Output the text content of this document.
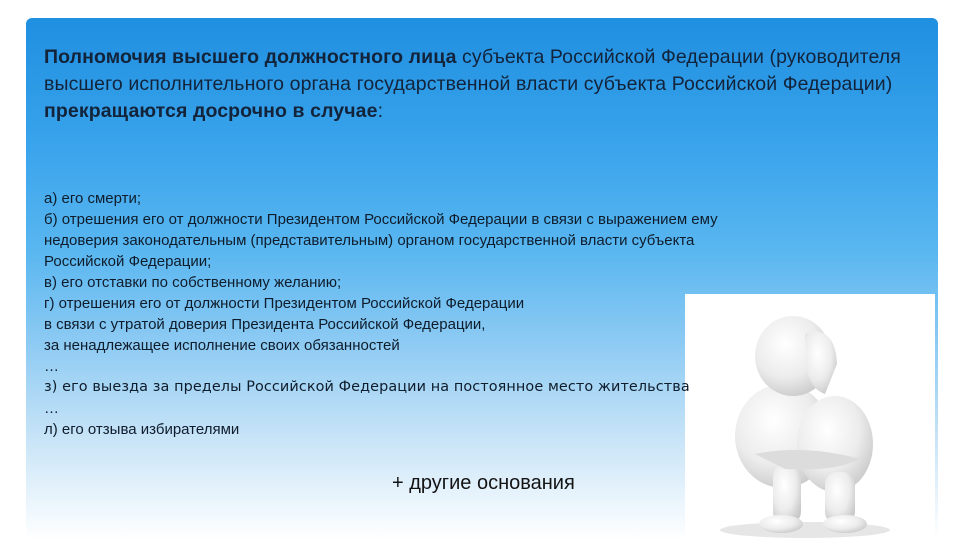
Полномочия высшего должностного лица субъекта Российской Федерации (руководителя высшего исполнительного органа государственной власти субъекта Российской Федерации) прекращаются досрочно в случае:
а) его смерти;
б) отрешения его от должности Президентом Российской Федерации в связи с выражением ему
недоверия законодательным (представительным) органом государственной власти субъекта
Российской Федерации;
в) его отставки по собственному желанию;
г) отрешения его от должности Президентом Российской Федерации
в связи с утратой доверия Президента Российской Федерации,
за ненадлежащее исполнение своих обязанностей
…
з) его выезда за пределы Российской Федерации на постоянное место жительства
…
л) его отзыва избирателями
+ другие основания
